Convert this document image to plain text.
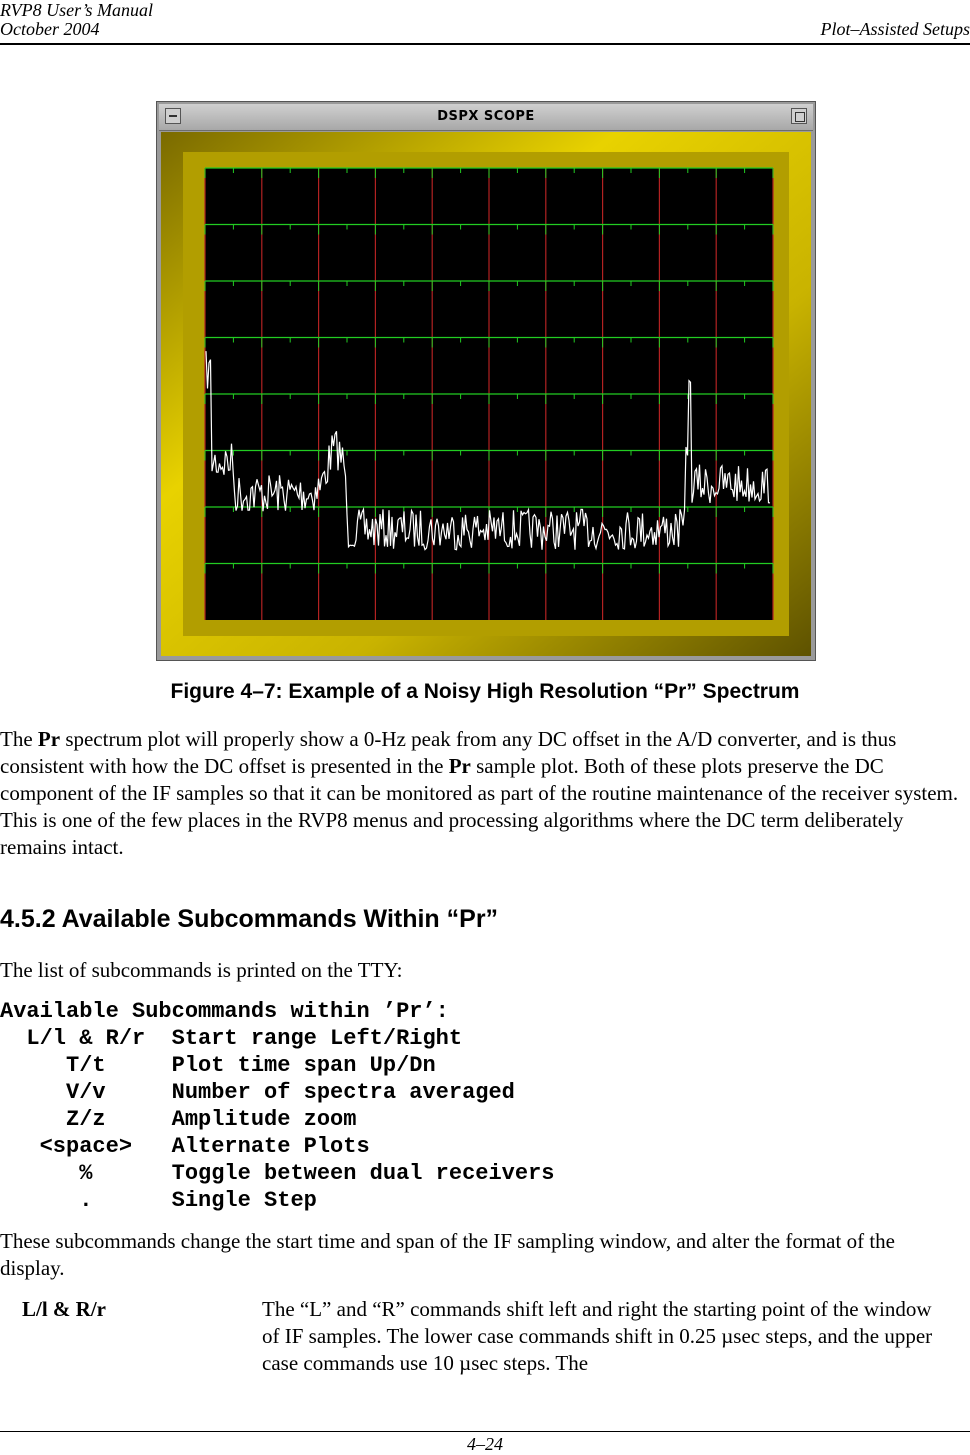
RVP8 User’s Manual
October 2004	Plot–Assisted Setups
DSPX SCOPE
Figure 4–7: Example of a Noisy High Resolution “Pr” Spectrum

The Pr spectrum plot will properly show a 0-Hz peak from any DC offset in the A/D converter, and is thus consistent with how the DC offset is presented in the Pr sample plot. Both of these plots preserve the DC component of the IF samples so that it can be monitored as part of the routine maintenance of the receiver system. This is one of the few places in the RVP8 menus and processing algorithms where the DC term deliberately remains intact.

4.5.2 Available Subcommands Within “Pr”

The list of subcommands is printed on the TTY:

Available Subcommands within ’Pr’:
L/l & R/r  Start range Left/Right
T/t     Plot time span Up/Dn
V/v     Number of spectra averaged
Z/z     Amplitude zoom
<space>   Alternate Plots
%      Toggle between dual receivers
.      Single Step

These subcommands change the start time and span of the IF sampling window, and alter the format of the display.

L/l & R/r	The “L” and “R” commands shift left and right the starting point of the window of IF samples. The lower case commands shift in 0.25 µsec steps, and the upper case commands use 10 µsec steps. The

4–24
